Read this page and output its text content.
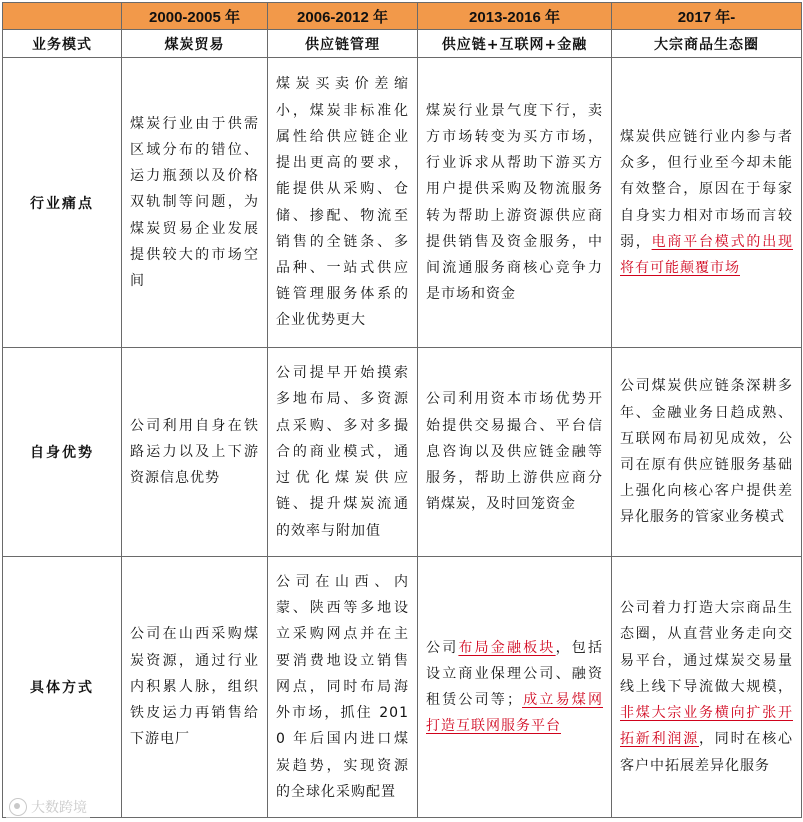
	2000-2005 年	2006-2012 年	2013-2016 年	2017 年-
业务模式	煤炭贸易	供应链管理	供应链+互联网+金融	大宗商品生态圈
行业痛点	煤炭行业由于供需区域分布的错位、运力瓶颈以及价格双轨制等问题，为煤炭贸易企业发展提供较大的市场空间	煤炭买卖价差缩小，煤炭非标准化属性给供应链企业提出更高的要求，能提供从采购、仓储、掺配、物流至销售的全链条、多品种、一站式供应链管理服务体系的企业优势更大	煤炭行业景气度下行，卖方市场转变为买方市场，行业诉求从帮助下游买方用户提供采购及物流服务转为帮助上游资源供应商提供销售及资金服务，中间流通服务商核心竞争力是市场和资金	煤炭供应链行业内参与者众多，但行业至今却未能有效整合，原因在于每家自身实力相对市场而言较弱，电商平台模式的出现将有可能颠覆市场

自身优势	公司利用自身在铁路运力以及上下游资源信息优势	公司提早开始摸索多地布局、多资源点采购、多对多撮合的商业模式，通过优化煤炭供应链、提升煤炭流通的效率与附加值	公司利用资本市场优势开始提供交易撮合、平台信息咨询以及供应链金融等服务，帮助上游供应商分销煤炭，及时回笼资金	公司煤炭供应链条深耕多年、金融业务日趋成熟、互联网布局初见成效，公司在原有供应链服务基础上强化向核心客户提供差异化服务的管家业务模式

具体方式	公司在山西采购煤炭资源，通过行业内积累人脉，组织铁皮运力再销售给下游电厂	公司在山西、内蒙、陕西等多地设立采购网点并在主要消费地设立销售网点，同时布局海外市场，抓住 2010 年后国内进口煤炭趋势，实现资源的全球化采购配置	公司布局金融板块，包括设立商业保理公司、融资租赁公司等；成立易煤网打造互联网服务平台	公司着力打造大宗商品生态圈，从直营业务走向交易平台，通过煤炭交易量线上线下导流做大规模，非煤大宗业务横向扩张开拓新利润源，同时在核心客户中拓展差异化服务
大数跨境
